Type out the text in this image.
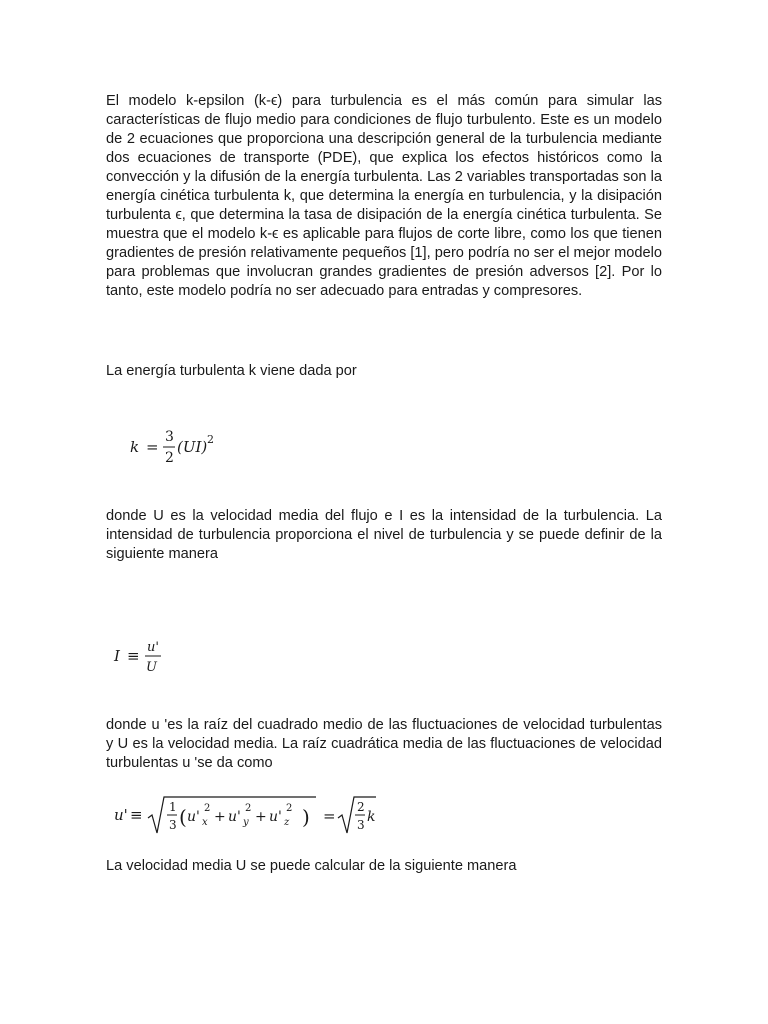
El modelo k-epsilon (k-ϵ) para turbulencia es el más común para simular las características de flujo medio para condiciones de flujo turbulento. Este es un modelo de 2 ecuaciones que proporciona una descripción general de la turbulencia mediante dos ecuaciones de transporte (PDE), que explica los efectos históricos como la convección y la difusión de la energía turbulenta. Las 2 variables transportadas son la energía cinética turbulenta k, que determina la energía en turbulencia, y la disipación turbulenta ϵ, que determina la tasa de disipación de la energía cinética turbulenta. Se muestra que el modelo k-ϵ es aplicable para flujos de corte libre, como los que tienen gradientes de presión relativamente pequeños [1], pero podría no ser el mejor modelo para problemas que involucran grandes gradientes de presión adversos [2]. Por lo tanto, este modelo podría no ser adecuado para entradas y compresores.

La energía turbulenta k viene dada por

k =
3
2
(UI) 2

donde U es la velocidad media del flujo e I es la intensidad de la turbulencia. La intensidad de turbulencia proporciona el nivel de turbulencia y se puede definir de la siguiente manera

I ≡ u'
U

donde u 'es la raíz del cuadrado medio de las fluctuaciones de velocidad turbulentas y U es la velocidad media. La raíz cuadrática media de las fluctuaciones de velocidad turbulentas u 'se da como

u' ≡ 1
3 ( u' x
2
+ u' y
2
+ u' z
2 ) = 2
3 k

La velocidad media U se puede calcular de la siguiente manera
